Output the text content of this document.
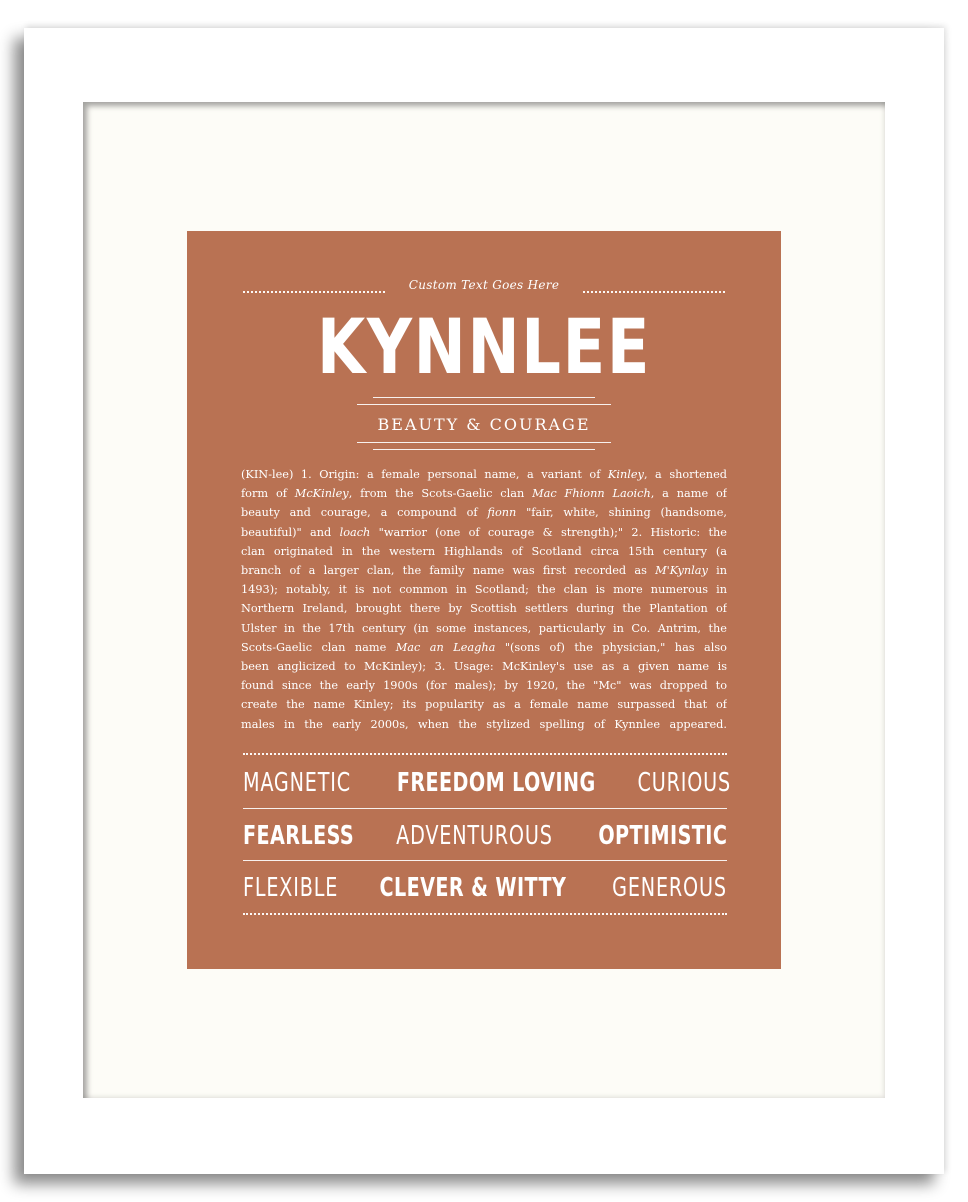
Custom Text Goes Here
KYNNLEE
BEAUTY & COURAGE
(KIN-lee) 1. Origin: a female personal name, a variant of Kinley, a shortened
form of McKinley, from the Scots-Gaelic clan Mac Fhionn Laoich, a name of
beauty and courage, a compound of fionn "fair, white, shining (handsome,
beautiful)" and loach "warrior (one of courage & strength);" 2. Historic: the
clan originated in the western Highlands of Scotland circa 15th century (a
branch of a larger clan, the family name was first recorded as M'Kynlay in
1493); notably, it is not common in Scotland; the clan is more numerous in
Northern Ireland, brought there by Scottish settlers during the Plantation of
Ulster in the 17th century (in some instances, particularly in Co. Antrim, the
Scots-Gaelic clan name Mac an Leagha "(sons of) the physician," has also
been anglicized to McKinley); 3. Usage: McKinley's use as a given name is
found since the early 1900s (for males); by 1920, the "Mc" was dropped to
create the name Kinley; its popularity as a female name surpassed that of
males in the early 2000s, when the stylized spelling of Kynnlee appeared.
MAGNETIC FREEDOM LOVING CURIOUS
FEARLESS ADVENTUROUS OPTIMISTIC
FLEXIBLE CLEVER & WITTY GENEROUS
